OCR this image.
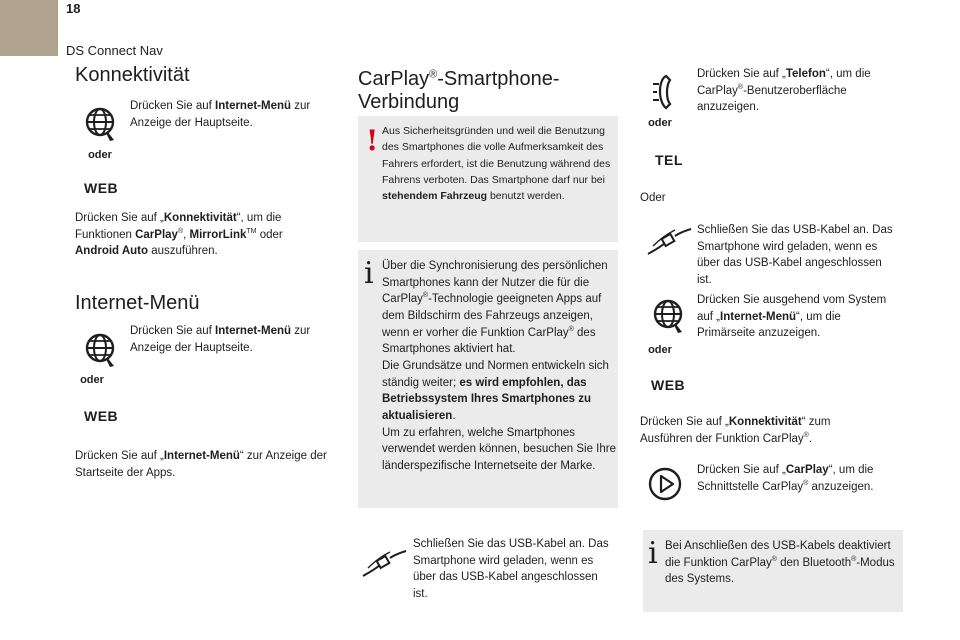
18
DS Connect Nav
Konnektivität
Drücken Sie auf Internet-Menü zur Anzeige der Hauptseite.
oder
WEB
Drücken Sie auf „Konnektivität“, um die Funktionen CarPlay®, MirrorLink™ oder Android Auto auszuführen.
Internet-Menü
Drücken Sie auf Internet-Menü zur Anzeige der Hauptseite.
oder
WEB
Drücken Sie auf „Internet-Menü“ zur Anzeige der Startseite der Apps.
CarPlay®-Smartphone-Verbindung
! Aus Sicherheitsgründen und weil die Benutzung des Smartphones die volle Aufmerksamkeit des Fahrers erfordert, ist die Benutzung während des Fahrens verboten. Das Smartphone darf nur bei stehendem Fahrzeug benutzt werden.
i Über die Synchronisierung des persönlichen Smartphones kann der Nutzer die für die CarPlay®-Technologie geeigneten Apps auf dem Bildschirm des Fahrzeugs anzeigen, wenn er vorher die Funktion CarPlay® des Smartphones aktiviert hat.
Die Grundsätze und Normen entwickeln sich ständig weiter; es wird empfohlen, das Betriebssystem Ihres Smartphones zu aktualisieren.
Um zu erfahren, welche Smartphones verwendet werden können, besuchen Sie Ihre länderspezifische Internetseite der Marke.
Schließen Sie das USB-Kabel an. Das Smartphone wird geladen, wenn es über das USB-Kabel angeschlossen ist.
Drücken Sie auf „Telefon“, um die CarPlay®-Benutzeroberfläche anzuzeigen.
oder
TEL
Oder
Schließen Sie das USB-Kabel an. Das Smartphone wird geladen, wenn es über das USB-Kabel angeschlossen ist.
Drücken Sie ausgehend vom System auf „Internet-Menü“, um die Primärseite anzuzeigen.
oder
WEB
Drücken Sie auf „Konnektivität“ zum Ausführen der Funktion CarPlay®.
Drücken Sie auf „CarPlay“, um die Schnittstelle CarPlay® anzuzeigen.
i Bei Anschließen des USB-Kabels deaktiviert die Funktion CarPlay® den Bluetooth®-Modus des Systems.
